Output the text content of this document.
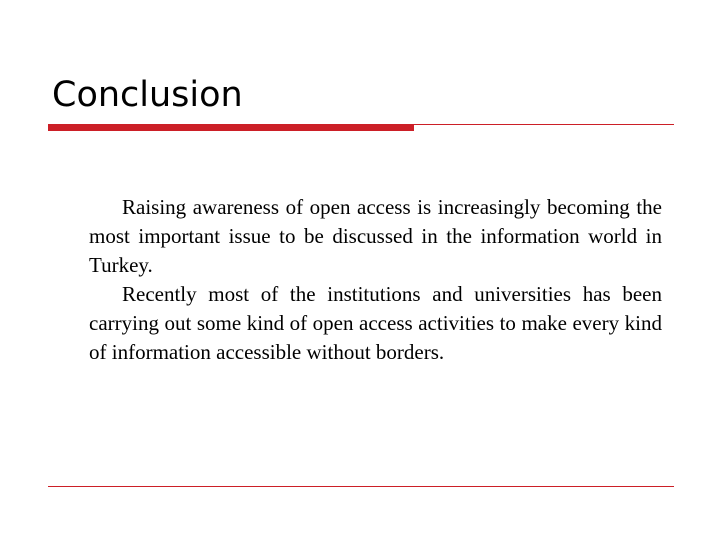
Conclusion

Raising awareness of open access is increasingly becoming the most important issue to be discussed in the information world in Turkey.

Recently most of the institutions and universities has been carrying out some kind of open access activities to make every kind of information accessible without borders.
